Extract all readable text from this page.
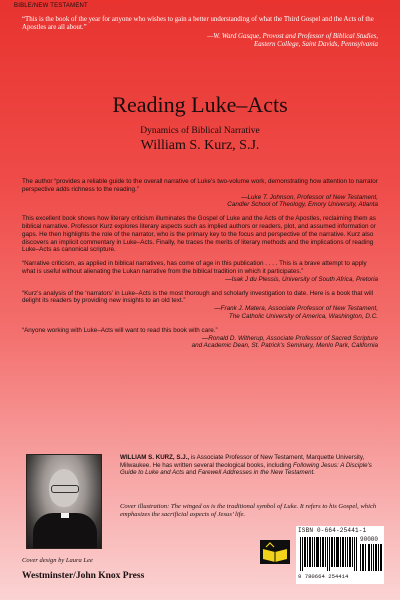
BIBLE/NEW TESTAMENT
“This is the book of the year for anyone who wishes to gain a better understanding of what the Third Gospel and the Acts of the Apostles are all about.”
—W. Ward Gasque, Provost and Professor of Biblical Studies,
Eastern College, Saint Davids, Pennsylvania
Reading Luke–Acts
Dynamics of Biblical Narrative
William S. Kurz, S.J.

The author “provides a reliable guide to the overall narrative of Luke’s two-volume work, demonstrating how attention to narrator perspective adds richness to the reading.”

—Luke T. Johnson, Professor of New Testament,

Candler School of Theology, Emory University, Atlanta

This excellent book shows how literary criticism illuminates the Gospel of Luke and the Acts of the Apostles, reclaiming them as biblical narrative. Professor Kurz explores literary aspects such as implied authors or readers, plot, and assumed information or gaps. He then highlights the role of the narrator, who is the primary key to the focus and perspective of the narrative. Kurz also discovers an implicit commentary in Luke–Acts. Finally, he traces the merits of literary methods and the implications of reading Luke–Acts as canonical scripture.

“Narrative criticism, as applied in biblical narratives, has come of age in this publication . . . . This is a brave attempt to apply what is useful without alienating the Lukan narrative from the biblical tradition in which it participates.”

—Isak J du Plessis, University of South Africa, Pretoria

“Kurz’s analysis of the ‘narrators’ in Luke–Acts is the most thorough and scholarly investigation to date. Here is a book that will delight its readers by providing new insights to an old text.”

—Frank J. Matera, Associate Professor of New Testament,

The Catholic University of America, Washington, D.C.

“Anyone working with Luke–Acts will want to read this book with care.”

—Ronald D. Witherup, Associate Professor of Sacred Scripture

and Academic Dean, St. Patrick’s Seminary, Menlo Park, California

WILLIAM S. KURZ, S.J., is Associate Professor of New Testament, Marquette University, Milwaukee. He has written several theological books, including Following Jesus: A Disciple’s Guide to Luke and Acts and Farewell Addresses in the New Testament.
Cover illustration: The winged ox is the traditional symbol of Luke. It refers to his Gospel, which emphasizes the sacrificial aspects of Jesus’ life.
Cover design by Laura Lee
Westminster/John Knox Press
ISBN 0-664-25441-1
90000
9 780664 254414
